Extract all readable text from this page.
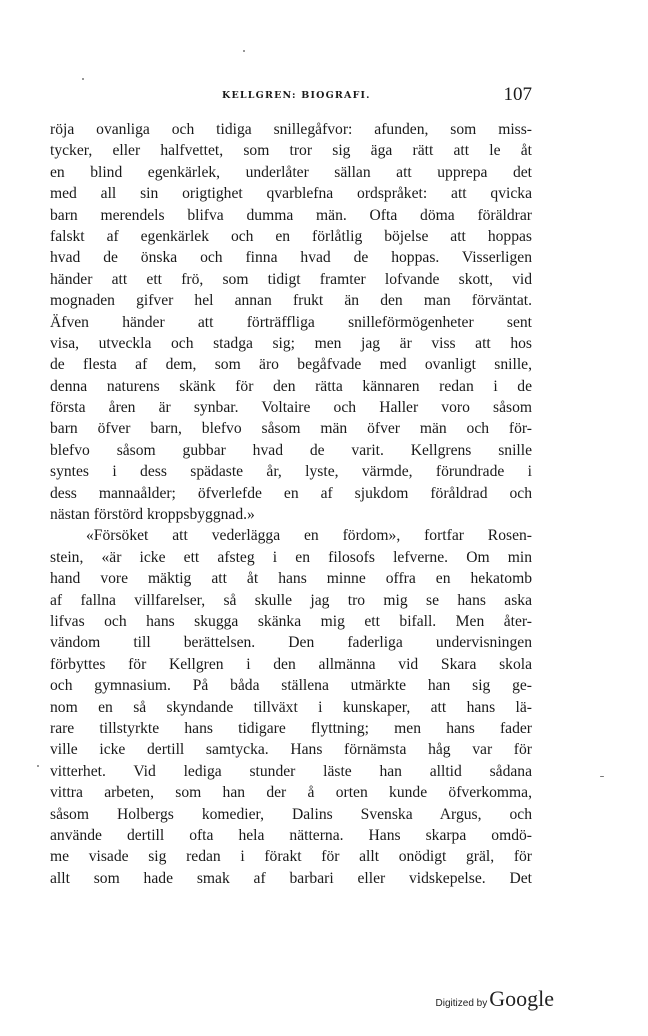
KELLGREN: BIOGRAFI.	107
röja ovanliga och tidiga snillegåfvor: afunden, som miss-
tycker, eller halfvettet, som tror sig äga rätt att le åt
en blind egenkärlek, underlåter sällan att upprepa det
med all sin origtighet qvarblefna ordspråket: att qvicka
barn merendels blifva dumma män. Ofta döma föräldrar
falskt af egenkärlek och en förlåtlig böjelse att hoppas
hvad de önska och finna hvad de hoppas. Visserligen
händer att ett frö, som tidigt framter lofvande skott, vid
mognaden gifver hel annan frukt än den man förväntat.
Äfven händer att förträffliga snilleförmögenheter sent
visa, utveckla och stadga sig; men jag är viss att hos
de flesta af dem, som äro begåfvade med ovanligt snille,
denna naturens skänk för den rätta kännaren redan i de
första åren är synbar. Voltaire och Haller voro såsom
barn öfver barn, blefvo såsom män öfver män och för-
blefvo såsom gubbar hvad de varit. Kellgrens snille
syntes i dess spädaste år, lyste, värmde, förundrade i
dess mannaålder; öfverlefde en af sjukdom föråldrad och
nästan förstörd kroppsbyggnad.»
«Försöket att vederlägga en fördom», fortfar Rosen-
stein, «är icke ett afsteg i en filosofs lefverne. Om min
hand vore mäktig att åt hans minne offra en hekatomb
af fallna villfarelser, så skulle jag tro mig se hans aska
lifvas och hans skugga skänka mig ett bifall. Men åter-
vändom till berättelsen. Den faderliga undervisningen
förbyttes för Kellgren i den allmänna vid Skara skola
och gymnasium. På båda ställena utmärkte han sig ge-
nom en så skyndande tillväxt i kunskaper, att hans lä-
rare tillstyrkte hans tidigare flyttning; men hans fader
ville icke dertill samtycka. Hans förnämsta håg var för
vitterhet. Vid lediga stunder läste han alltid sådana
vittra arbeten, som han der å orten kunde öfverkomma,
såsom Holbergs komedier, Dalins Svenska Argus, och
använde dertill ofta hela nätterna. Hans skarpa omdö-
me visade sig redan i förakt för allt onödigt gräl, för
allt som hade smak af barbari eller vidskepelse. Det
Digitized by Google
